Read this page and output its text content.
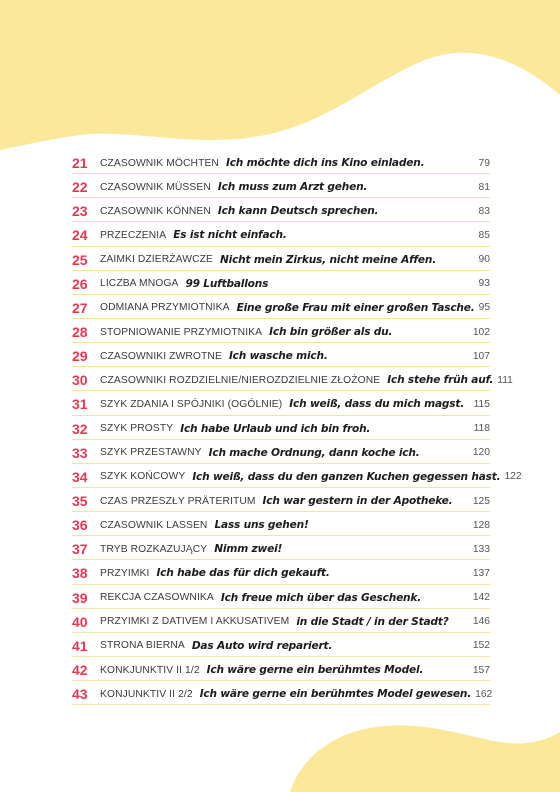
21	CZASOWNIK MÖCHTEN Ich möchte dich ins Kino einladen.	79
22	CZASOWNIK MÜSSEN Ich muss zum Arzt gehen.	81
23	CZASOWNIK KÖNNEN Ich kann Deutsch sprechen.	83
24	PRZECZENIA Es ist nicht einfach.	85
25	ZAIMKI DZIERŻAWCZE Nicht mein Zirkus, nicht meine Affen.	90
26	LICZBA MNOGA 99 Luftballons	93
27	ODMIANA PRZYMIOTNIKA Eine große Frau mit einer großen Tasche. 95
28	STOPNIOWANIE PRZYMIOTNIKA Ich bin größer als du.	102
29	CZASOWNIKI ZWROTNE Ich wasche mich.	107
30	CZASOWNIKI ROZDZIELNIE/NIEROZDZIELNIE ZŁOŻONE Ich stehe früh auf. 111
31	SZYK ZDANIA I SPÓJNIKI (OGÓLNIE) Ich weiß, dass du mich magst. 115
32	SZYK PROSTY Ich habe Urlaub und ich bin froh.	118
33	SZYK PRZESTAWNY Ich mache Ordnung, dann koche ich.	120
34	SZYK KOŃCOWY Ich weiß, dass du den ganzen Kuchen gegessen hast. 122
35	CZAS PRZESZŁY PRÄTERITUM Ich war gestern in der Apotheke.	125
36	CZASOWNIK LASSEN Lass uns gehen!	128
37	TRYB ROZKAZUJĄCY Nimm zwei!	133
38	PRZYIMKI Ich habe das für dich gekauft.	137
39	REKCJA CZASOWNIKA Ich freue mich über das Geschenk.	142
40	PRZYIMKI Z DATIVEM I AKKUSATIVEM in die Stadt / in der Stadt?	146
41	STRONA BIERNA Das Auto wird repariert.	152
42	KONKJUNKTIV II 1/2 Ich wäre gerne ein berühmtes Model.	157
43	KONJUNKTIV II 2/2 Ich wäre gerne ein berühmtes Model gewesen. 162
